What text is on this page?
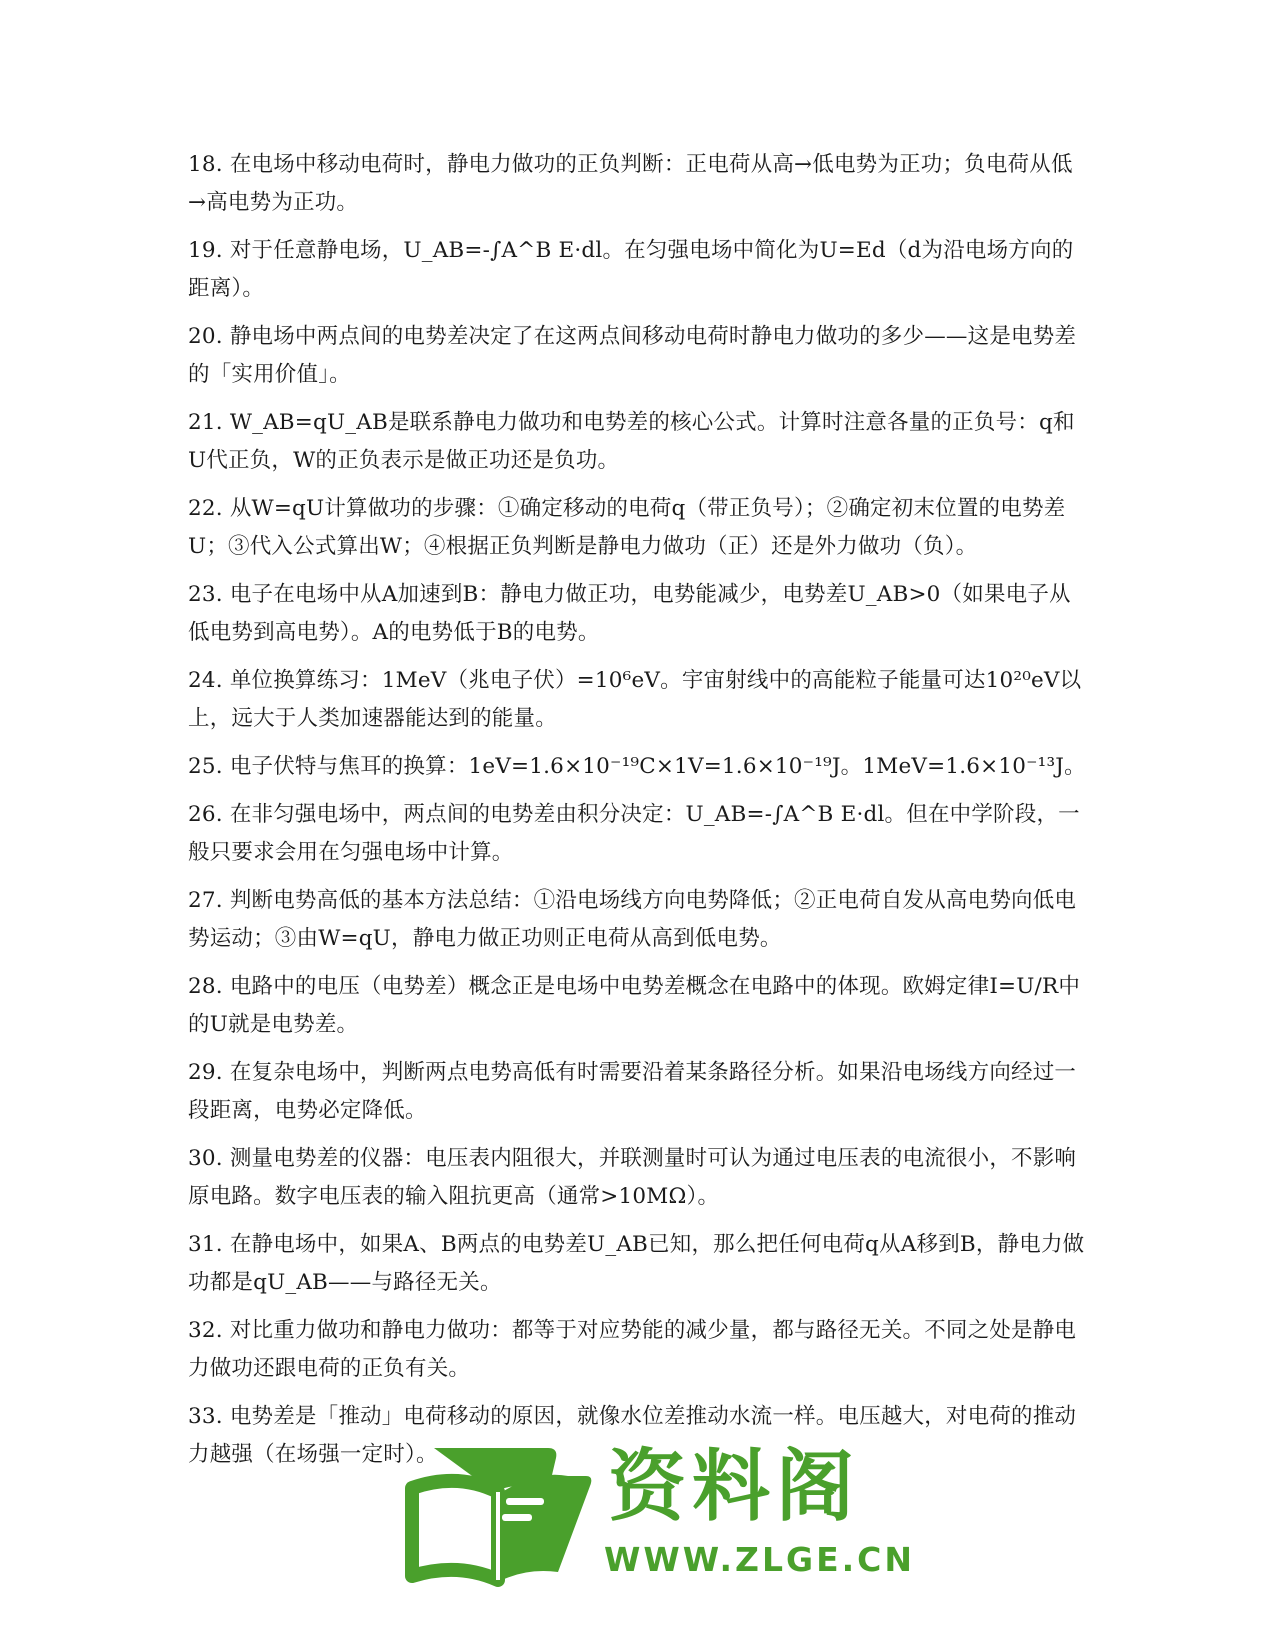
18. 在电场中移动电荷时，静电力做功的正负判断：正电荷从高→低电势为正功；负电荷从低→高电势为正功。

19. 对于任意静电场，U_AB=-∫A^B E·dl。在匀强电场中简化为U=Ed（d为沿电场方向的距离）。

20. 静电场中两点间的电势差决定了在这两点间移动电荷时静电力做功的多少——这是电势差的「实用价值」。

21. W_AB=qU_AB是联系静电力做功和电势差的核心公式。计算时注意各量的正负号：q和U代正负，W的正负表示是做正功还是负功。

22. 从W=qU计算做功的步骤：①确定移动的电荷q（带正负号）；②确定初末位置的电势差U；③代入公式算出W；④根据正负判断是静电力做功（正）还是外力做功（负）。

23. 电子在电场中从A加速到B：静电力做正功，电势能减少，电势差U_AB>0（如果电子从低电势到高电势）。A的电势低于B的电势。

24. 单位换算练习：1MeV（兆电子伏）=10⁶eV。宇宙射线中的高能粒子能量可达10²⁰eV以上，远大于人类加速器能达到的能量。

25. 电子伏特与焦耳的换算：1eV=1.6×10⁻¹⁹C×1V=1.6×10⁻¹⁹J。1MeV=1.6×10⁻¹³J。

26. 在非匀强电场中，两点间的电势差由积分决定：U_AB=-∫A^B E·dl。但在中学阶段，一般只要求会用在匀强电场中计算。

27. 判断电势高低的基本方法总结：①沿电场线方向电势降低；②正电荷自发从高电势向低电势运动；③由W=qU，静电力做正功则正电荷从高到低电势。

28. 电路中的电压（电势差）概念正是电场中电势差概念在电路中的体现。欧姆定律I=U/R中的U就是电势差。

29. 在复杂电场中，判断两点电势高低有时需要沿着某条路径分析。如果沿电场线方向经过一段距离，电势必定降低。

30. 测量电势差的仪器：电压表内阻很大，并联测量时可认为通过电压表的电流很小，不影响原电路。数字电压表的输入阻抗更高（通常>10MΩ）。

31. 在静电场中，如果A、B两点的电势差U_AB已知，那么把任何电荷q从A移到B，静电力做功都是qU_AB——与路径无关。

32. 对比重力做功和静电力做功：都等于对应势能的减少量，都与路径无关。不同之处是静电力做功还跟电荷的正负有关。

33. 电势差是「推动」电荷移动的原因，就像水位差推动水流一样。电压越大，对电荷的推动力越强（在场强一定时）。	资料阁
WWW.ZLGE.CN
